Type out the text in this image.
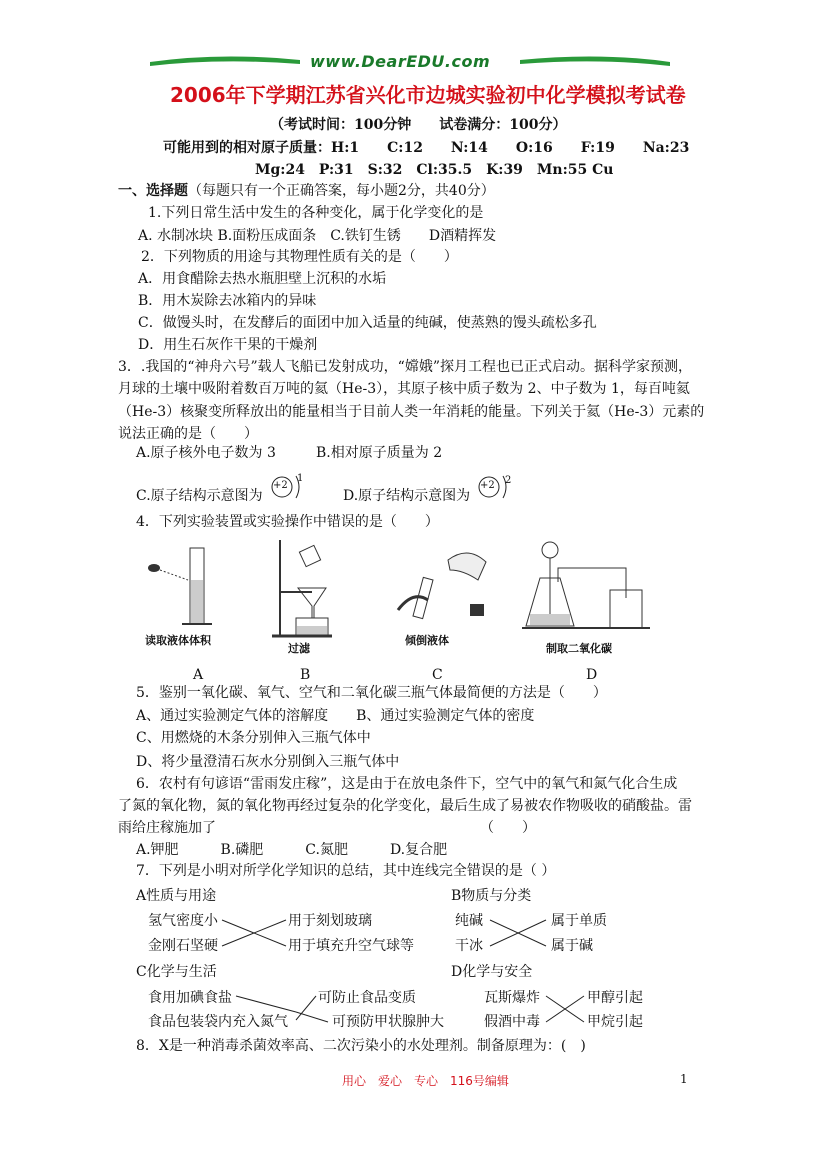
www.DearEDU.com
2006年下学期江苏省兴化市边城实验初中化学模拟考试卷
（考试时间：100分钟　　试卷满分：100分）
可能用到的相对原子质量：H:1　　C:12　　N:14　　O:16　　F:19　　Na:23
Mg:24　P:31　S:32　Cl:35.5　K:39　Mn:55 Cu
一、选择题（每题只有一个正确答案，每小题2分，共40分）
1.下列日常生活中发生的各种变化，属于化学变化的是
A. 水制冰块 B.面粉压成面条　C.铁钉生锈　　D酒精挥发
2．下列物质的用途与其物理性质有关的是（　　）
A．用食醋除去热水瓶胆壁上沉积的水垢
B．用木炭除去冰箱内的异味
C．做馒头时，在发酵后的面团中加入适量的纯碱，使蒸熟的馒头疏松多孔
D．用生石灰作干果的干燥剂
3．.我国的“神舟六号”载人飞船已发射成功，“嫦娥”探月工程也已正式启动。据科学家预测，
月球的土壤中吸附着数百万吨的氦（He-3），其原子核中质子数为 2、中子数为 1，每百吨氦
（He-3）核聚变所释放出的能量相当于目前人类一年消耗的能量。下列关于氦（He-3）元素的
说法正确的是（　　）
A.原子核外电子数为 3	B.相对原子质量为 2
C.原子结构示意图为	D.原子结构示意图为
+2
1
+2 2
4．下列实验装置或实验操作中错误的是（　　）
读取液体体积
过滤
倾倒液体
制取二氧化碳
A	B	C	D
5．鉴别一氧化碳、氧气、空气和二氧化碳三瓶气体最简便的方法是（　　）
A、通过实验测定气体的溶解度　　B、通过实验测定气体的密度
C、用燃烧的木条分别伸入三瓶气体中
D、将少量澄清石灰水分别倒入三瓶气体中
6．农村有句谚语“雷雨发庄稼”，这是由于在放电条件下，空气中的氧气和氮气化合生成
了氮的氧化物，氮的氧化物再经过复杂的化学变化，最后生成了易被农作物吸收的硝酸盐。雷
雨给庄稼施加了	（　　）
A.钾肥　　　B.磷肥　　　C.氮肥　　　D.复合肥
7．下列是小明对所学化学知识的总结，其中连线完全错误的是（ ）
A性质与用途
氢气密度小	用于刻划玻璃
金刚石坚硬	用于填充升空气球等
B物质与分类
纯碱	属于单质
干冰	属于碱
C化学与生活
食用加碘食盐	可防止食品变质
食品包装袋内充入氮气	可预防甲状腺肿大
D化学与安全
瓦斯爆炸	甲醇引起
假酒中毒	甲烷引起
8．X是一种消毒杀菌效率高、二次污染小的水处理剂。制备原理为：(　)
用心　爱心　专心　116号编辑	1
